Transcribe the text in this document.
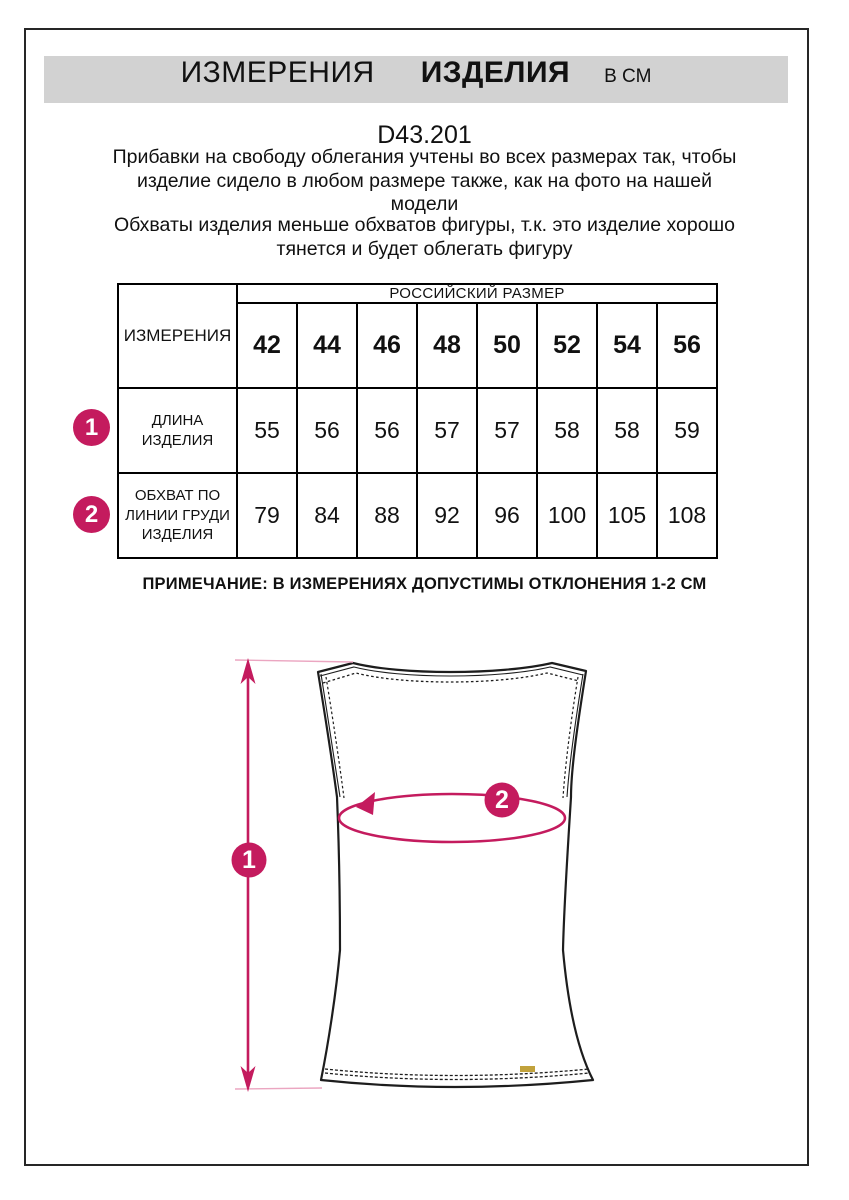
ИЗМЕРЕНИЯ ИЗДЕЛИЯ В СМ
D43.201
Прибавки на свободу облегания учтены во всех размерах так, чтобы
изделие сидело в любом размере также, как на фото на нашей
модели
Обхваты изделия меньше обхватов фигуры, т.к. это изделие хорошо
тянется и будет облегать фигуру
ИЗМЕРЕНИЯ	РОССИЙСКИЙ РАЗМЕР							
	42	44	46	48	50	52	54	56
ДЛИНА ИЗДЕЛИЯ	55	56	56	57	57	58	58	59
ОБХВАТ ПО ЛИНИИ ГРУДИ ИЗДЕЛИЯ	79	84	88	92	96	100	105	108
1
2
ПРИМЕЧАНИЕ: В ИЗМЕРЕНИЯХ ДОПУСТИМЫ ОТКЛОНЕНИЯ 1-2 СМ
1
2
